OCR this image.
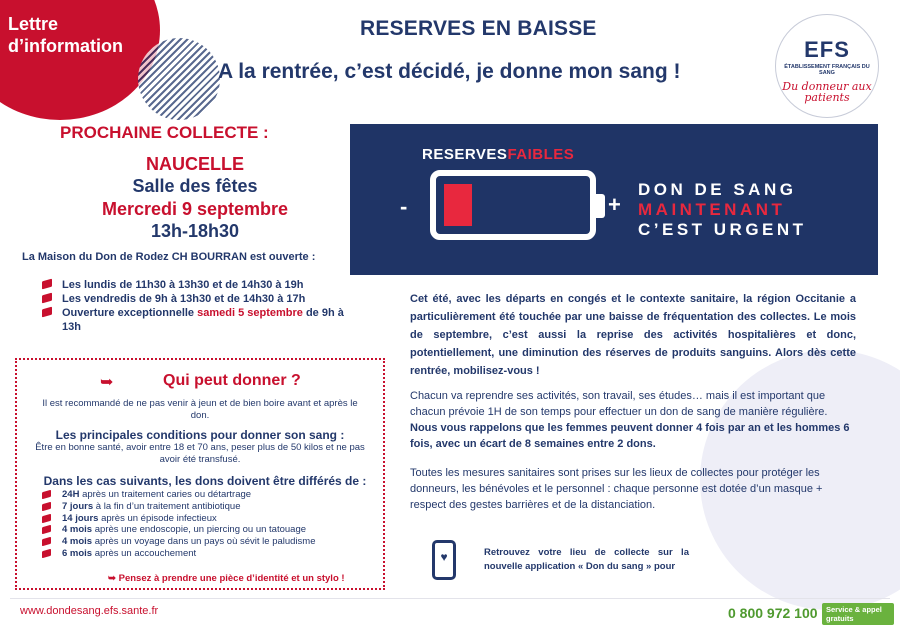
Lettre d’information
RESERVES EN BAISSE
A la rentrée, c’est décidé, je donne mon sang !
EFS
ÉTABLISSEMENT FRANÇAIS DU SANG
Du donneur aux patients
PROCHAINE COLLECTE :
NAUCELLE
Salle des fêtes
Mercredi 9 septembre
13h-18h30
La Maison du Don de Rodez CH BOURRAN est ouverte :
Les lundis de 11h30 à 13h30 et de 14h30 à 19h
Les vendredis de 9h à 13h30 et de 14h30 à 17h
Ouverture exceptionnelle samedi 5 septembre de 9h à 13h
➥	Qui peut donner ?
Il est recommandé de ne pas venir à jeun et de bien boire avant et après le don.
Les principales conditions pour donner son sang :
Être en bonne santé, avoir entre 18 et 70 ans, peser plus de 50 kilos et ne pas avoir été transfusé.
Dans les cas suivants, les dons doivent être différés de :
24H après un traitement caries ou détartrage
7 jours à la fin d’un traitement antibiotique
14 jours après un épisode infectieux
4 mois après une endoscopie, un piercing ou un tatouage
4 mois après un voyage dans un pays où sévit le paludisme
6 mois après un accouchement
➥ Pensez à prendre une pièce d’identité et un stylo !
RESERVESFAIBLES
-	+
DON DE SANG
MAINTENANT
C’EST URGENT
Cet été, avec les départs en congés et le contexte sanitaire, la région Occitanie a particulièrement été touchée par une baisse de fréquentation des collectes. Le mois de septembre, c’est aussi la reprise des activités hospitalières et donc, potentiellement, une diminution des réserves de produits sanguins. Alors dès cette rentrée, mobilisez-vous !
Chacun va reprendre ses activités, son travail, ses études… mais il est important que chacun prévoie 1H de son temps pour effectuer un don de sang de manière régulière. Nous vous rappelons que les femmes peuvent donner 4 fois par an et les hommes 6 fois, avec un écart de 8 semaines entre 2 dons.
Toutes les mesures sanitaires sont prises sur les lieux de collectes pour protéger les donneurs, les bénévoles et le personnel : chaque personne est dotée d’un masque + respect des gestes barrières et de la distanciation.
♥	Retrouvez votre lieu de collecte sur la nouvelle application « Don du sang » pour
www.dondesang.efs.sante.fr	0 800 972 100	Service & appel gratuits
